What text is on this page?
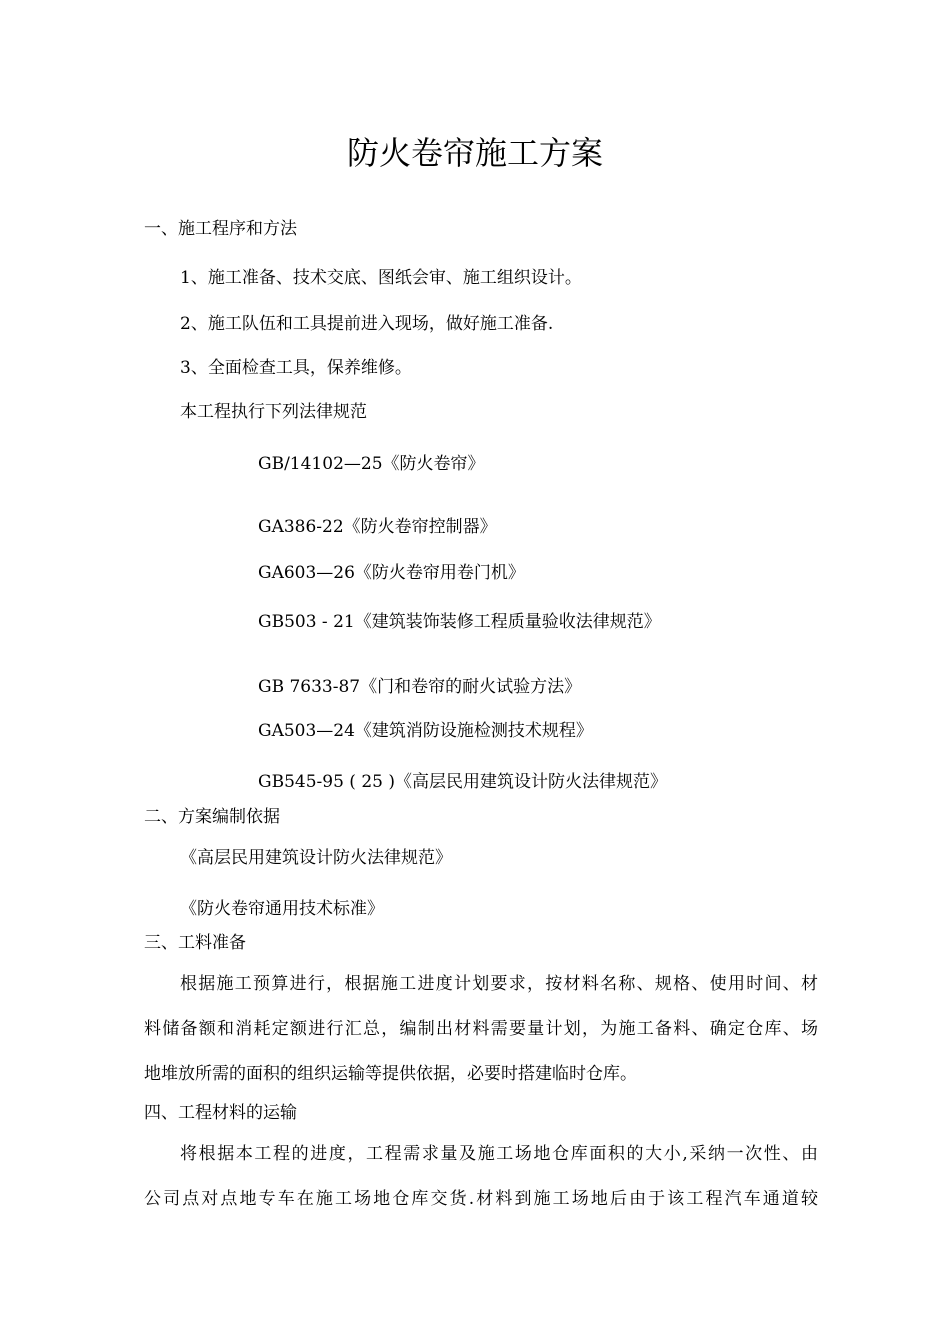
防火卷帘施工方案
一、施工程序和方法
1、施工准备、技术交底、图纸会审、施工组织设计。
2、施工队伍和工具提前进入现场，做好施工准备.
3、全面检查工具，保养维修。
本工程执行下列法律规范
GB/14102—25《防火卷帘》
GA386-22《防火卷帘控制器》
GA603—26《防火卷帘用卷门机》
GB503 - 21《建筑装饰装修工程质量验收法律规范》
GB 7633-87《门和卷帘的耐火试验方法》
GA503—24《建筑消防设施检测技术规程》
GB545-95 ( 25 )《高层民用建筑设计防火法律规范》
二、方案编制依据
《高层民用建筑设计防火法律规范》
《防火卷帘通用技术标准》
三、工料准备
根据施工预算进行，根据施工进度计划要求，按材料名称、规格、使用时间、材
料储备额和消耗定额进行汇总，编制出材料需要量计划，为施工备料、确定仓库、场
地堆放所需的面积的组织运输等提供依据，必要时搭建临时仓库。
四、工程材料的运输
将根据本工程的进度，工程需求量及施工场地仓库面积的大小,采纳一次性、由
公司点对点地专车在施工场地仓库交货.材料到施工场地后由于该工程汽车通道较
